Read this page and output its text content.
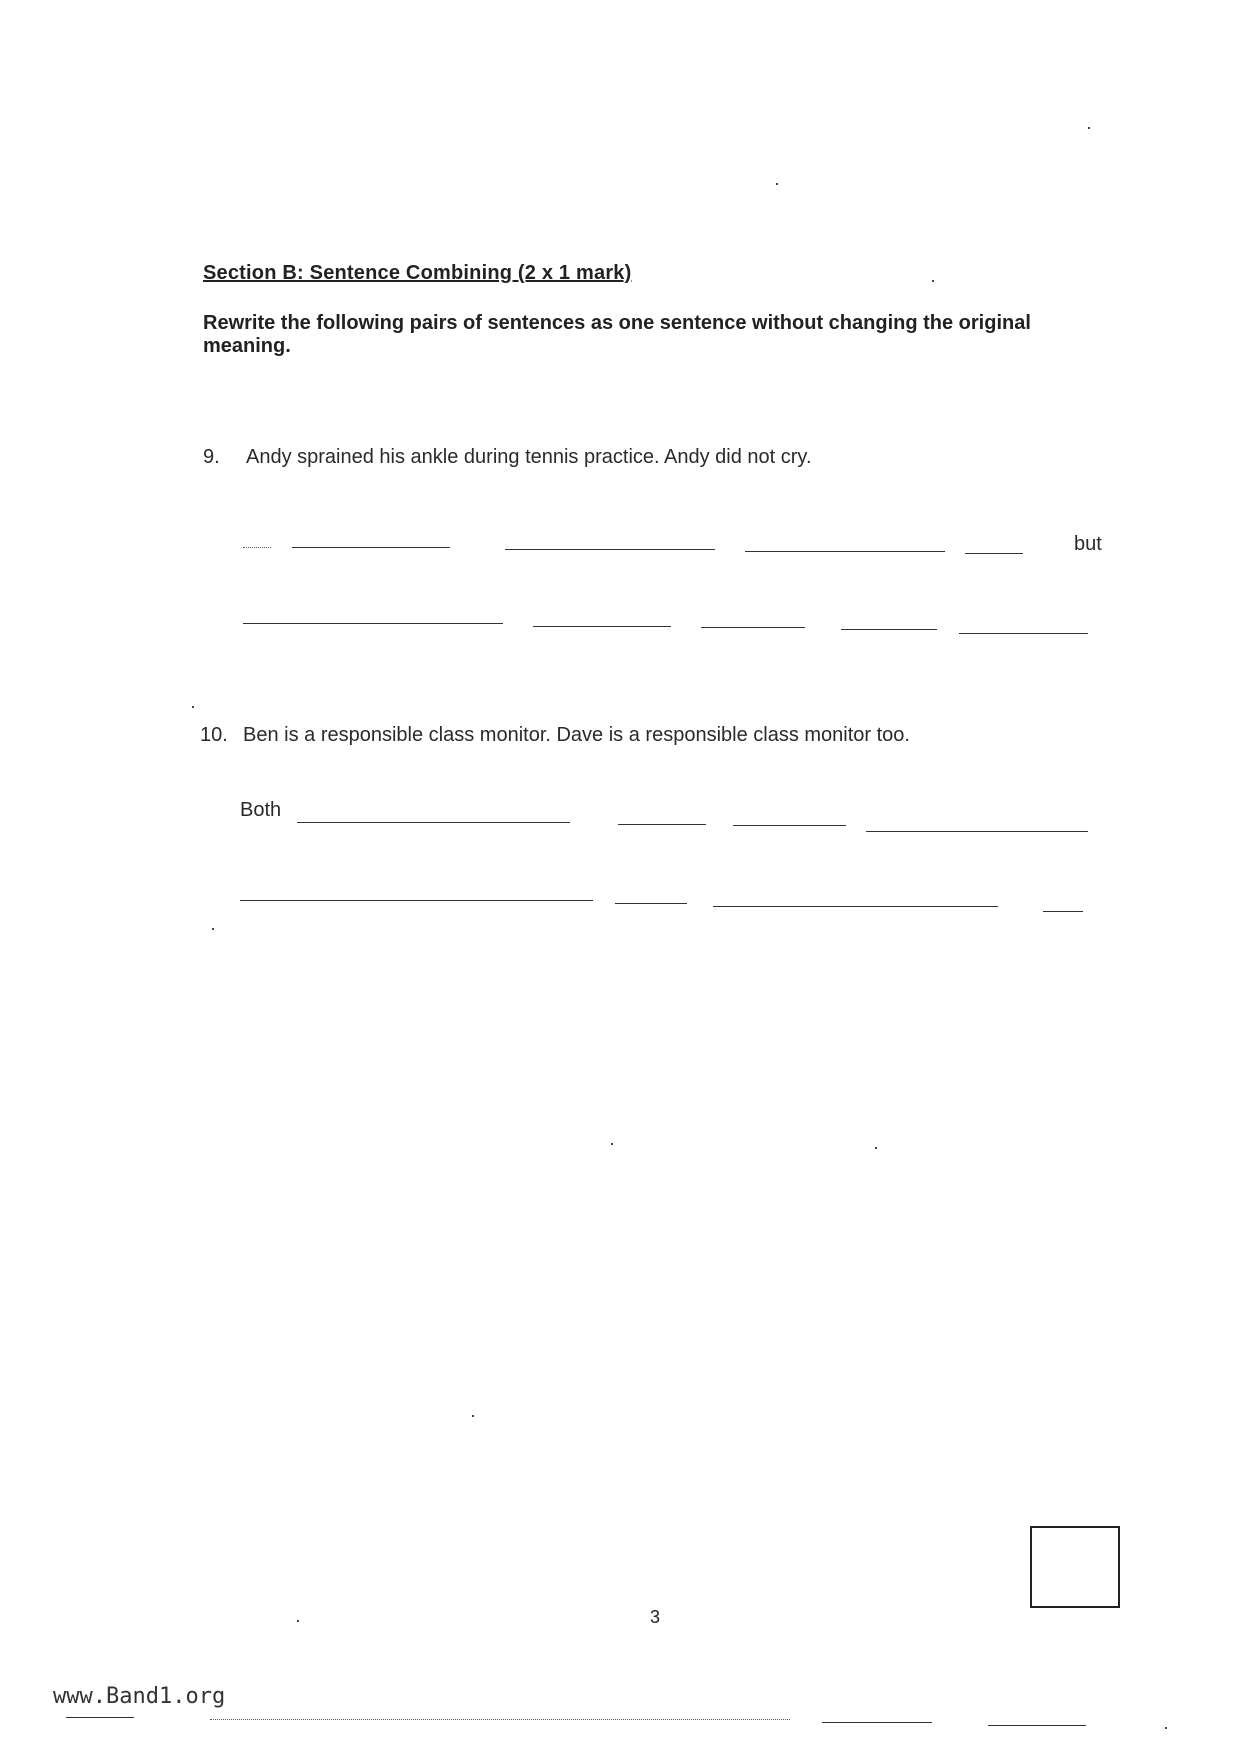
Section B: Sentence Combining (2 x 1 mark)
Rewrite the following pairs of sentences as one sentence without changing the original meaning.
9. Andy sprained his ankle during tennis practice. Andy did not cry.
but
10. Ben is a responsible class monitor. Dave is a responsible class monitor too.
Both
3
www.Band1.org
